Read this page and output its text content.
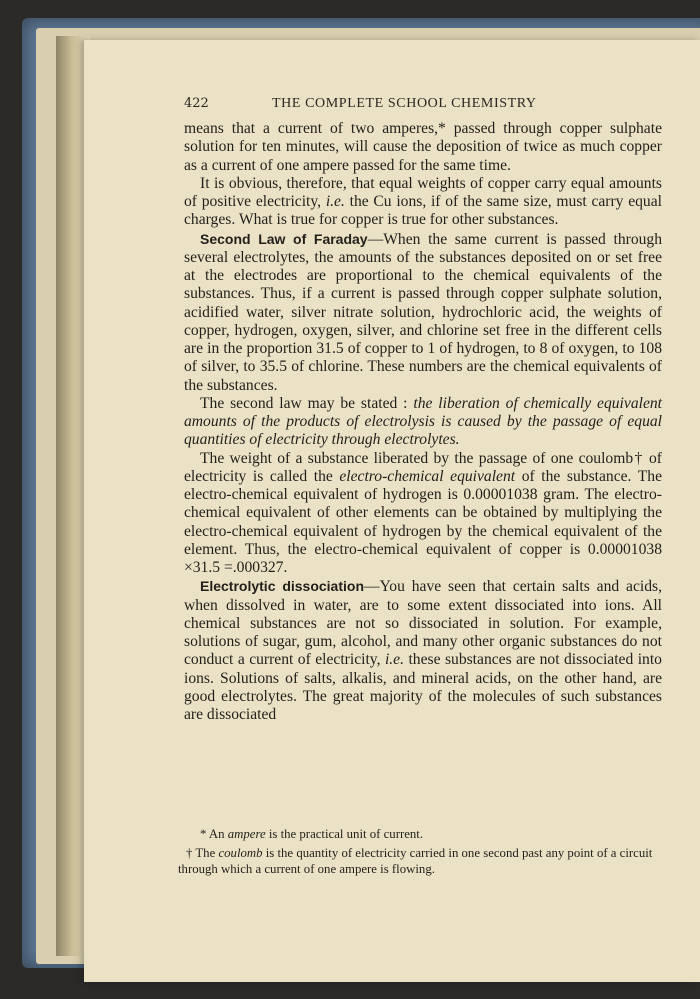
422	THE COMPLETE SCHOOL CHEMISTRY

means that a current of two amperes,* passed through copper sulphate solution for ten minutes, will cause the deposition of twice as much copper as a current of one ampere passed for the same time.

It is obvious, therefore, that equal weights of copper carry equal amounts of positive electricity, i.e. the Cu ions, if of the same size, must carry equal charges. What is true for copper is true for other substances.

Second Law of Faraday—When the same current is passed through several electrolytes, the amounts of the substances deposited on or set free at the electrodes are proportional to the chemical equivalents of the substances. Thus, if a current is passed through copper sulphate solution, acidified water, silver nitrate solution, hydrochloric acid, the weights of copper, hydrogen, oxygen, silver, and chlorine set free in the different cells are in the proportion 31.5 of copper to 1 of hydrogen, to 8 of oxygen, to 108 of silver, to 35.5 of chlorine. These numbers are the chemical equivalents of the substances.

The second law may be stated : the liberation of chemically equivalent amounts of the products of electrolysis is caused by the passage of equal quantities of electricity through electrolytes.

The weight of a substance liberated by the passage of one coulomb† of electricity is called the electro-chemical equivalent of the substance. The electro-chemical equivalent of hydrogen is 0.00001038 gram. The electro-chemical equivalent of other elements can be obtained by multiplying the electro-chemical equivalent of hydrogen by the chemical equivalent of the element. Thus, the electro-chemical equivalent of copper is 0.00001038 ×31.5 =.000327.

Electrolytic dissociation—You have seen that certain salts and acids, when dissolved in water, are to some extent dissociated into ions. All chemical substances are not so dissociated in solution. For example, solutions of sugar, gum, alcohol, and many other organic substances do not conduct a current of electricity, i.e. these substances are not dissociated into ions. Solutions of salts, alkalis, and mineral acids, on the other hand, are good electrolytes. The great majority of the molecules of such substances are dissociated

* An ampere is the practical unit of current.

† The coulomb is the quantity of electricity carried in one second past any point of a circuit through which a current of one ampere is flowing.
